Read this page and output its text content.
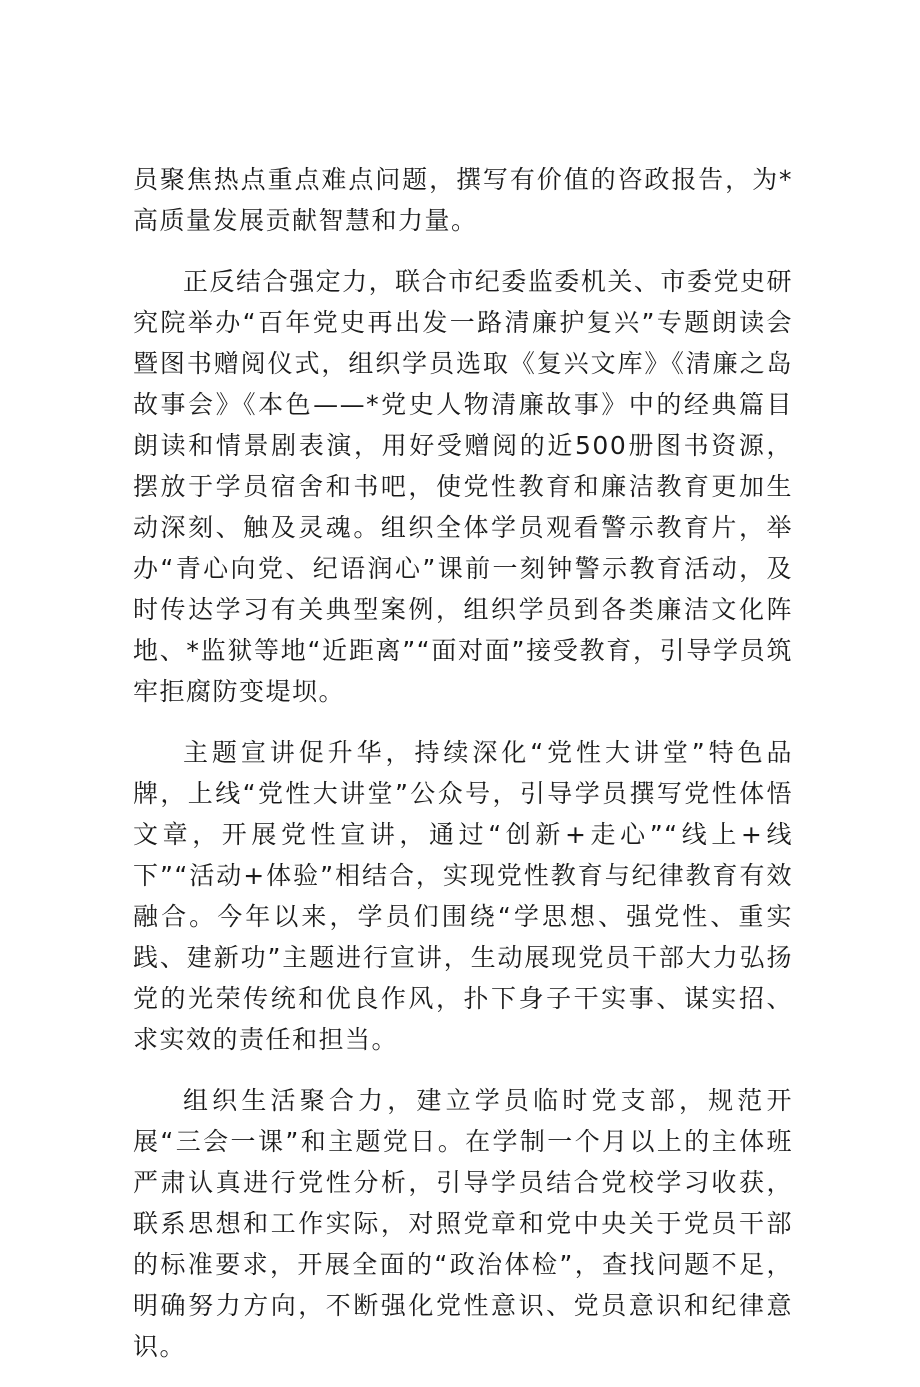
员聚焦热点重点难点问题，撰写有价值的咨政报告，为*高质量发展贡献智慧和力量。

正反结合强定力，联合市纪委监委机关、市委党史研究院举办“百年党史再出发一路清廉护复兴”专题朗读会暨图书赠阅仪式，组织学员选取《复兴文库》《清廉之岛故事会》《本色——*党史人物清廉故事》中的经典篇目朗读和情景剧表演，用好受赠阅的近500册图书资源，摆放于学员宿舍和书吧，使党性教育和廉洁教育更加生动深刻、触及灵魂。组织全体学员观看警示教育片，举办“青心向党、纪语润心”课前一刻钟警示教育活动，及时传达学习有关典型案例，组织学员到各类廉洁文化阵地、*监狱等地“近距离”“面对面”接受教育，引导学员筑牢拒腐防变堤坝。

主题宣讲促升华，持续深化“党性大讲堂”特色品牌，上线“党性大讲堂”公众号，引导学员撰写党性体悟文章，开展党性宣讲，通过“创新+走心”“线上+线下”“活动+体验”相结合，实现党性教育与纪律教育有效融合。今年以来，学员们围绕“学思想、强党性、重实践、建新功”主题进行宣讲，生动展现党员干部大力弘扬党的光荣传统和优良作风，扑下身子干实事、谋实招、求实效的责任和担当。

组织生活聚合力，建立学员临时党支部，规范开展“三会一课”和主题党日。在学制一个月以上的主体班严肃认真进行党性分析，引导学员结合党校学习收获，联系思想和工作实际，对照党章和党中央关于党员干部的标准要求，开展全面的“政治体检”，查找问题不足，明确努力方向，不断强化党性意识、党员意识和纪律意识。
